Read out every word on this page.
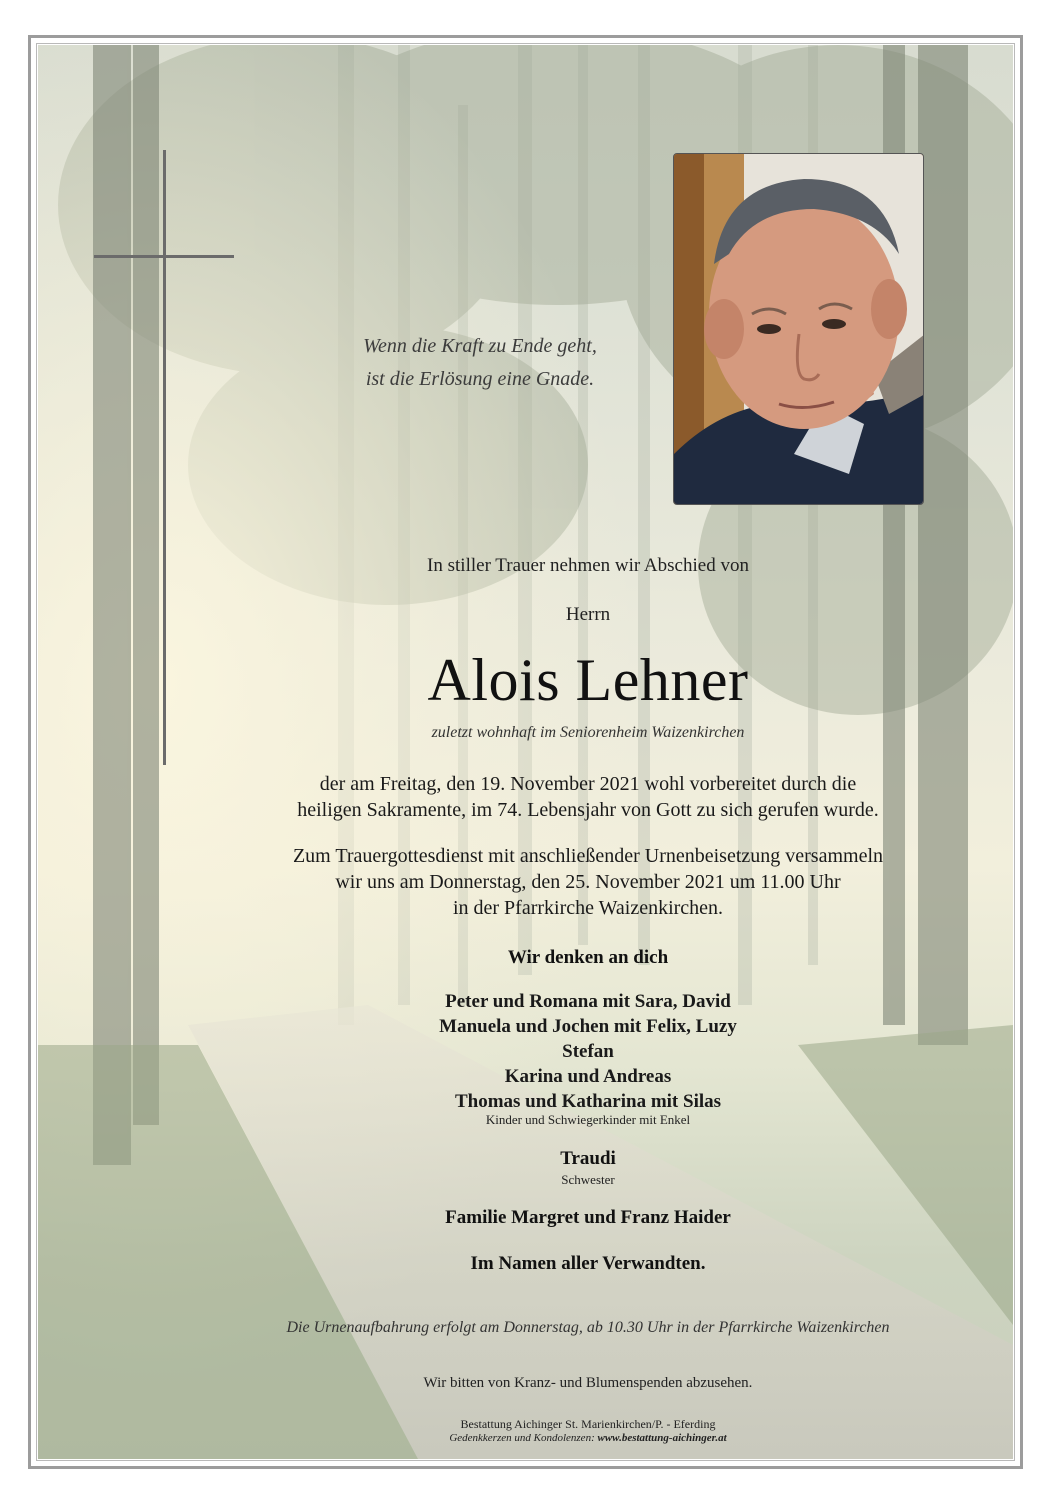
Wenn die Kraft zu Ende geht,
ist die Erlösung eine Gnade.
In stiller Trauer nehmen wir Abschied von
Herrn
Alois Lehner
zuletzt wohnhaft im Seniorenheim Waizenkirchen
der am Freitag, den 19. November 2021 wohl vorbereitet durch die
heiligen Sakramente, im 74. Lebensjahr von Gott zu sich gerufen wurde.
Zum Trauergottesdienst mit anschließender Urnenbeisetzung versammeln
wir uns am Donnerstag, den 25. November 2021 um 11.00 Uhr
in der Pfarrkirche Waizenkirchen.
Wir denken an dich
Peter und Romana mit Sara, David
Manuela und Jochen mit Felix, Luzy
Stefan
Karina und Andreas
Thomas und Katharina mit Silas
Kinder und Schwiegerkinder mit Enkel
Traudi
Schwester
Familie Margret und Franz Haider
Im Namen aller Verwandten.
Die Urnenaufbahrung erfolgt am Donnerstag, ab 10.30 Uhr in der Pfarrkirche Waizenkirchen
Wir bitten von Kranz- und Blumenspenden abzusehen.
Bestattung Aichinger St. Marienkirchen/P. - Eferding
Gedenkkerzen und Kondolenzen: www.bestattung-aichinger.at
